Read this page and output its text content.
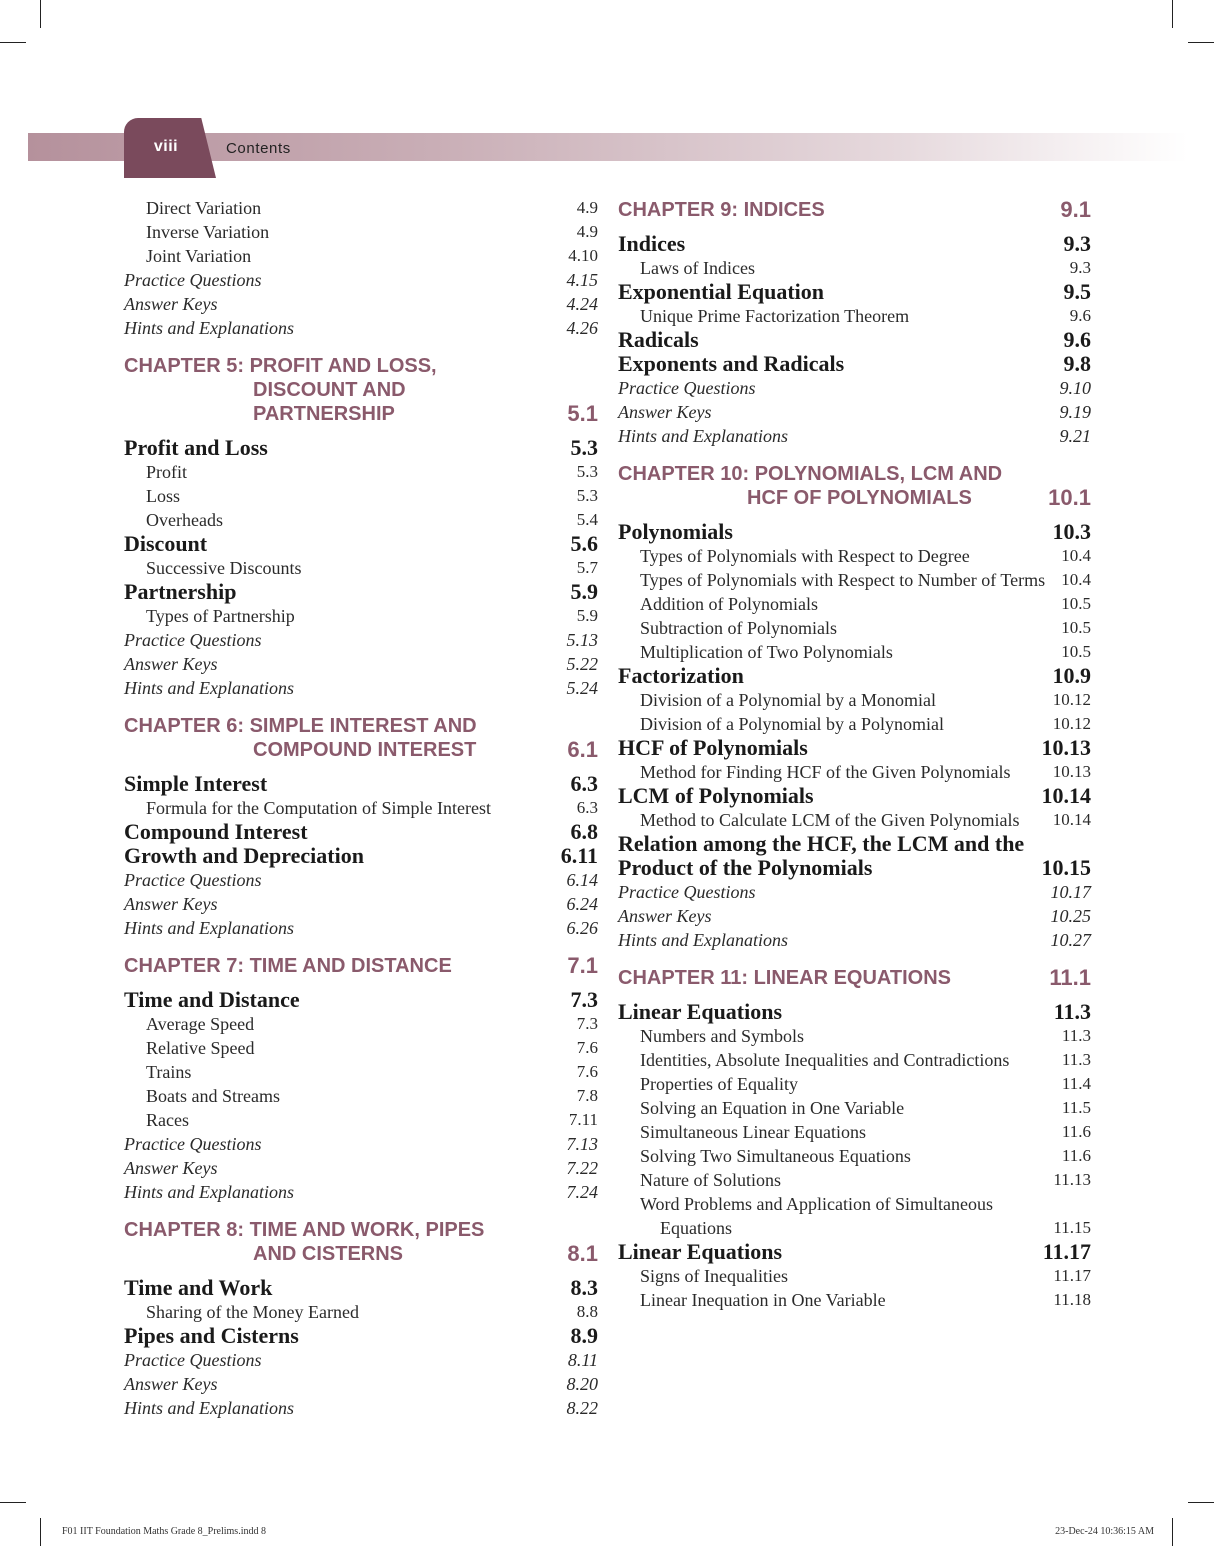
viii	Contents
Direct Variation	4.9
Inverse Variation	4.9
Joint Variation	4.10
Practice Questions	4.15
Answer Keys	4.24
Hints and Explanations	4.26
CHAPTER 5: PROFIT AND LOSS,
DISCOUNT AND
PARTNERSHIP	5.1
Profit and Loss	5.3
Profit	5.3
Loss	5.3
Overheads	5.4
Discount	5.6
Successive Discounts	5.7
Partnership	5.9
Types of Partnership	5.9
Practice Questions	5.13
Answer Keys	5.22
Hints and Explanations	5.24
CHAPTER 6: SIMPLE INTEREST AND
COMPOUND INTEREST	6.1
Simple Interest	6.3
Formula for the Computation of Simple Interest	6.3
Compound Interest	6.8
Growth and Depreciation	6.11
Practice Questions	6.14
Answer Keys	6.24
Hints and Explanations	6.26
CHAPTER 7: TIME AND DISTANCE	7.1
Time and Distance	7.3
Average Speed	7.3
Relative Speed	7.6
Trains	7.6
Boats and Streams	7.8
Races	7.11
Practice Questions	7.13
Answer Keys	7.22
Hints and Explanations	7.24
CHAPTER 8: TIME AND WORK, PIPES
AND CISTERNS	8.1
Time and Work	8.3
Sharing of the Money Earned	8.8
Pipes and Cisterns	8.9
Practice Questions	8.11
Answer Keys	8.20
Hints and Explanations	8.22
CHAPTER 9: INDICES	9.1
Indices	9.3
Laws of Indices	9.3
Exponential Equation	9.5
Unique Prime Factorization Theorem	9.6
Radicals	9.6
Exponents and Radicals	9.8
Practice Questions	9.10
Answer Keys	9.19
Hints and Explanations	9.21
CHAPTER 10: POLYNOMIALS, LCM AND
HCF OF POLYNOMIALS	10.1
Polynomials	10.3
Types of Polynomials with Respect to Degree	10.4
Types of Polynomials with Respect to Number of Terms 10.4
Addition of Polynomials	10.5
Subtraction of Polynomials	10.5
Multiplication of Two Polynomials	10.5
Factorization	10.9
Division of a Polynomial by a Monomial	10.12
Division of a Polynomial by a Polynomial	10.12
HCF of Polynomials	10.13
Method for Finding HCF of the Given Polynomials	10.13
LCM of Polynomials	10.14
Method to Calculate LCM of the Given Polynomials	10.14
Relation among the HCF, the LCM and the Product of the Polynomials	10.15
Practice Questions	10.17
Answer Keys	10.25
Hints and Explanations	10.27
CHAPTER 11: LINEAR EQUATIONS	11.1
Linear Equations	11.3
Numbers and Symbols	11.3
Identities, Absolute Inequalities and Contradictions	11.3
Properties of Equality	11.4
Solving an Equation in One Variable	11.5
Simultaneous Linear Equations	11.6
Solving Two Simultaneous Equations	11.6
Nature of Solutions	11.13
Word Problems and Application of Simultaneous Equations	11.15
Linear Equations	11.17
Signs of Inequalities	11.17
Linear Inequation in One Variable	11.18
F01 IIT Foundation Maths Grade 8_Prelims.indd 8	23-Dec-24 10:36:15 AM
